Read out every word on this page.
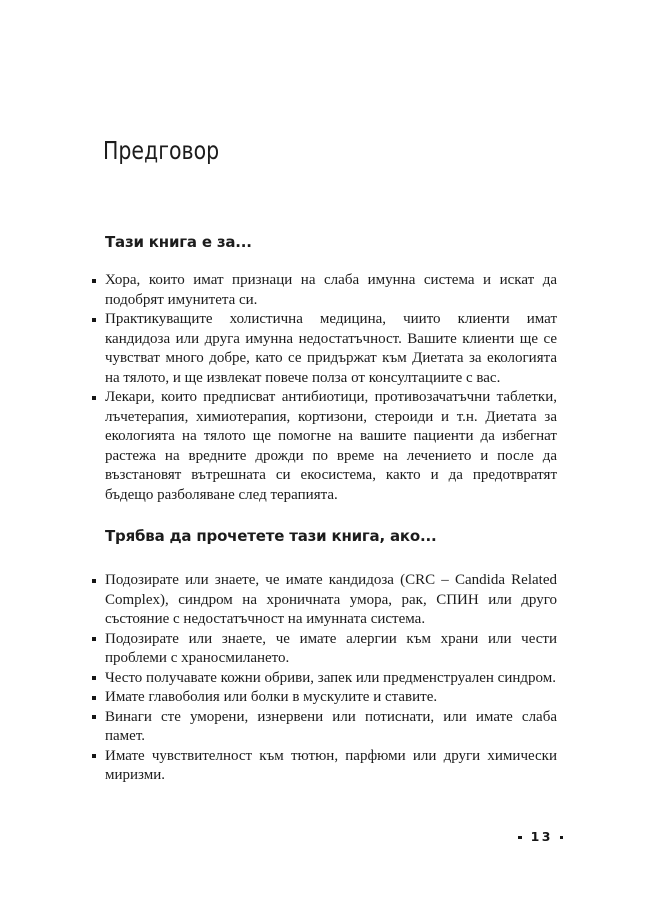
Предговор
Тази книга е за...
Хора, които имат признаци на слаба имунна система и искат да подобрят имунитета си.
Практикуващите холистична медицина, чиито клиенти имат кандидоза или друга имунна недостатъчност. Вашите клиенти ще се чувстват много добре, като се придържат към Диетата за екологията на тялото, и ще извлекат повече полза от консултациите с вас.
Лекари, които предписват антибиотици, противозачатъчни таблетки, лъчетерапия, химиотерапия, кортизони, стероиди и т.н. Диетата за екологията на тялото ще помогне на вашите пациенти да избегнат растежа на вредните дрожди по време на лечението и после да възстановят вътрешната си екосистема, както и да предотвратят бъдещо разболяване след терапията.
Трябва да прочетете тази книга, ако...
Подозирате или знаете, че имате кандидоза (CRC – Candida Related Complex), синдром на хроничната умора, рак, СПИН или друго състояние с недостатъчност на имунната система.
Подозирате или знаете, че имате алергии към храни или чести проблеми с храносмилането.
Често получавате кожни обриви, запек или предменструален синдром.
Имате главоболия или болки в мускулите и ставите.
Винаги сте уморени, изнервени или потиснати, или имате слаба памет.
Имате чувствителност към тютюн, парфюми или други химически миризми.
13
